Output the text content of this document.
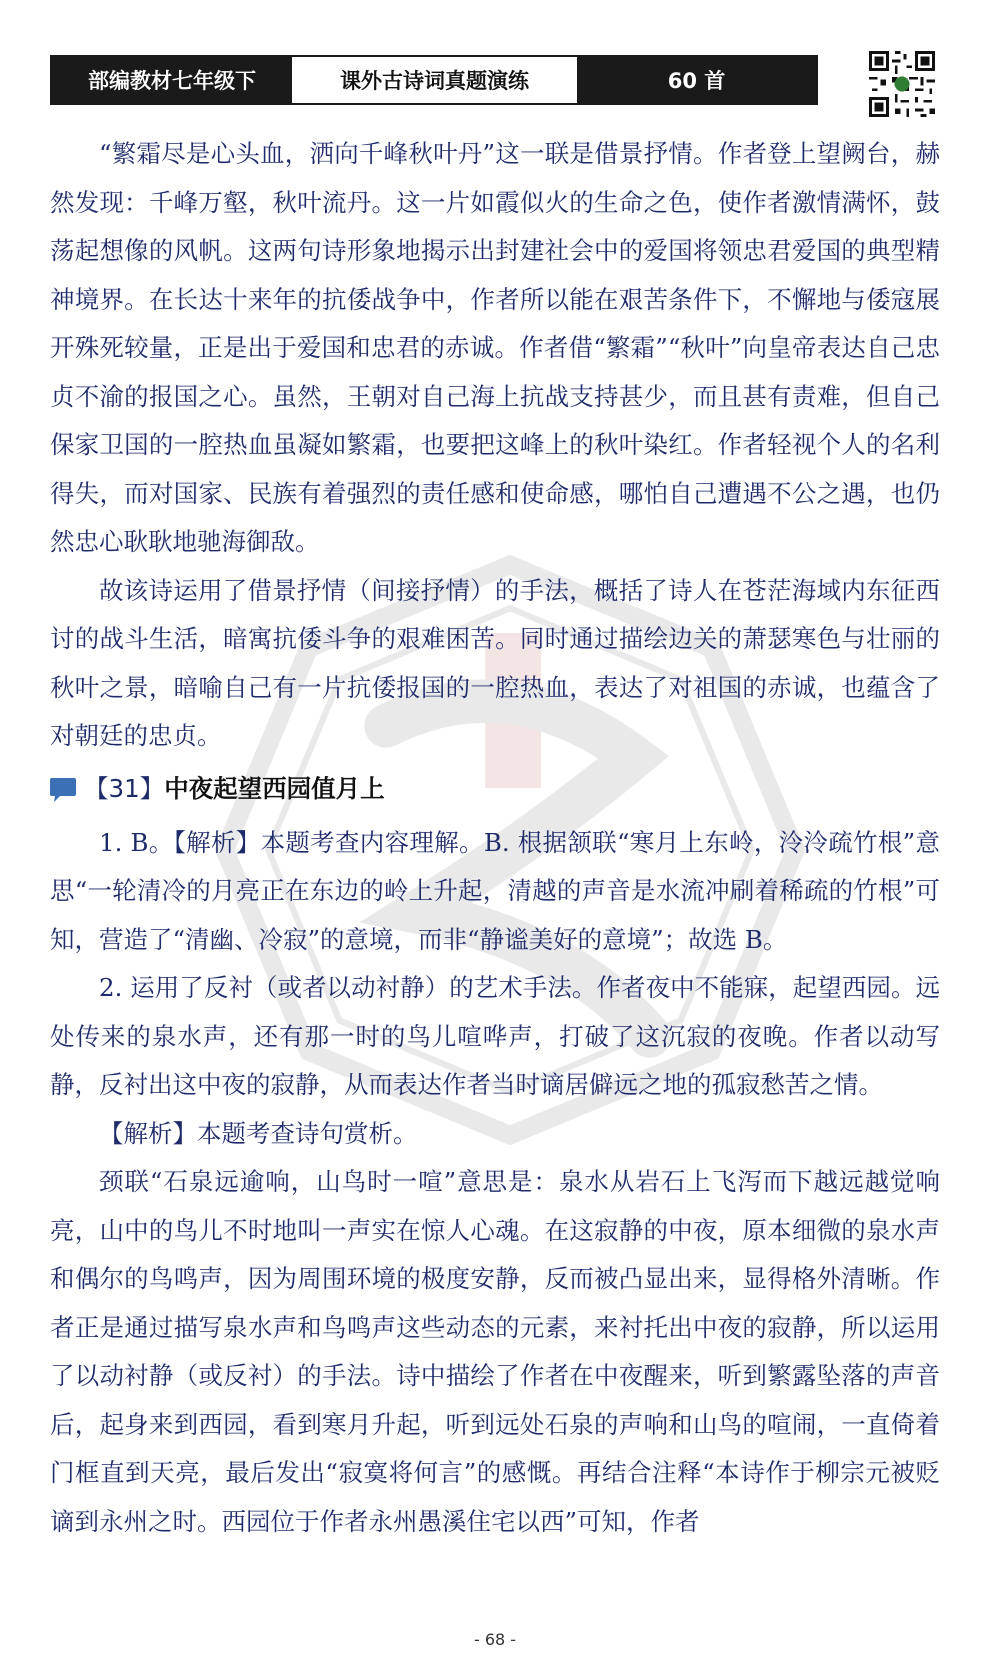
部编教材七年级下	课外古诗词真题演练	60 首

“繁霜尽是心头血，洒向千峰秋叶丹”这一联是借景抒情。作者登上望阙台，赫然发现：千峰万壑，秋叶流丹。这一片如霞似火的生命之色，使作者激情满怀，鼓荡起想像的风帆。这两句诗形象地揭示出封建社会中的爱国将领忠君爱国的典型精神境界。在长达十来年的抗倭战争中，作者所以能在艰苦条件下，不懈地与倭寇展开殊死较量，正是出于爱国和忠君的赤诚。作者借“繁霜”“秋叶”向皇帝表达自己忠贞不渝的报国之心。虽然，王朝对自己海上抗战支持甚少，而且甚有责难，但自己保家卫国的一腔热血虽凝如繁霜，也要把这峰上的秋叶染红。作者轻视个人的名利得失，而对国家、民族有着强烈的责任感和使命感，哪怕自己遭遇不公之遇，也仍然忠心耿耿地驰海御敌。

故该诗运用了借景抒情（间接抒情）的手法，概括了诗人在苍茫海域内东征西讨的战斗生活，暗寓抗倭斗争的艰难困苦。同时通过描绘边关的萧瑟寒色与壮丽的秋叶之景，暗喻自己有一片抗倭报国的一腔热血，表达了对祖国的赤诚，也蕴含了对朝廷的忠贞。

【31】 中夜起望西园值月上

1. B。【解析】本题考查内容理解。B. 根据颔联“寒月上东岭，泠泠疏竹根”意思“一轮清冷的月亮正在东边的岭上升起，清越的声音是水流冲刷着稀疏的竹根”可知，营造了“清幽、冷寂”的意境，而非“静谧美好的意境”；故选 B。

2. 运用了反衬（或者以动衬静）的艺术手法。作者夜中不能寐，起望西园。远处传来的泉水声，还有那一时的鸟儿喧哗声，打破了这沉寂的夜晚。作者以动写静，反衬出这中夜的寂静，从而表达作者当时谪居僻远之地的孤寂愁苦之情。

【解析】本题考查诗句赏析。

颈联“石泉远逾响，山鸟时一喧”意思是：泉水从岩石上飞泻而下越远越觉响亮，山中的鸟儿不时地叫一声实在惊人心魂。在这寂静的中夜，原本细微的泉水声和偶尔的鸟鸣声，因为周围环境的极度安静，反而被凸显出来，显得格外清晰。作者正是通过描写泉水声和鸟鸣声这些动态的元素，来衬托出中夜的寂静，所以运用了以动衬静（或反衬）的手法。诗中描绘了作者在中夜醒来，听到繁露坠落的声音后，起身来到西园，看到寒月升起，听到远处石泉的声响和山鸟的喧闹，一直倚着门框直到天亮，最后发出“寂寞将何言”的感慨。再结合注释“本诗作于柳宗元被贬谪到永州之时。西园位于作者永州愚溪住宅以西”可知，作者

- 68 -
